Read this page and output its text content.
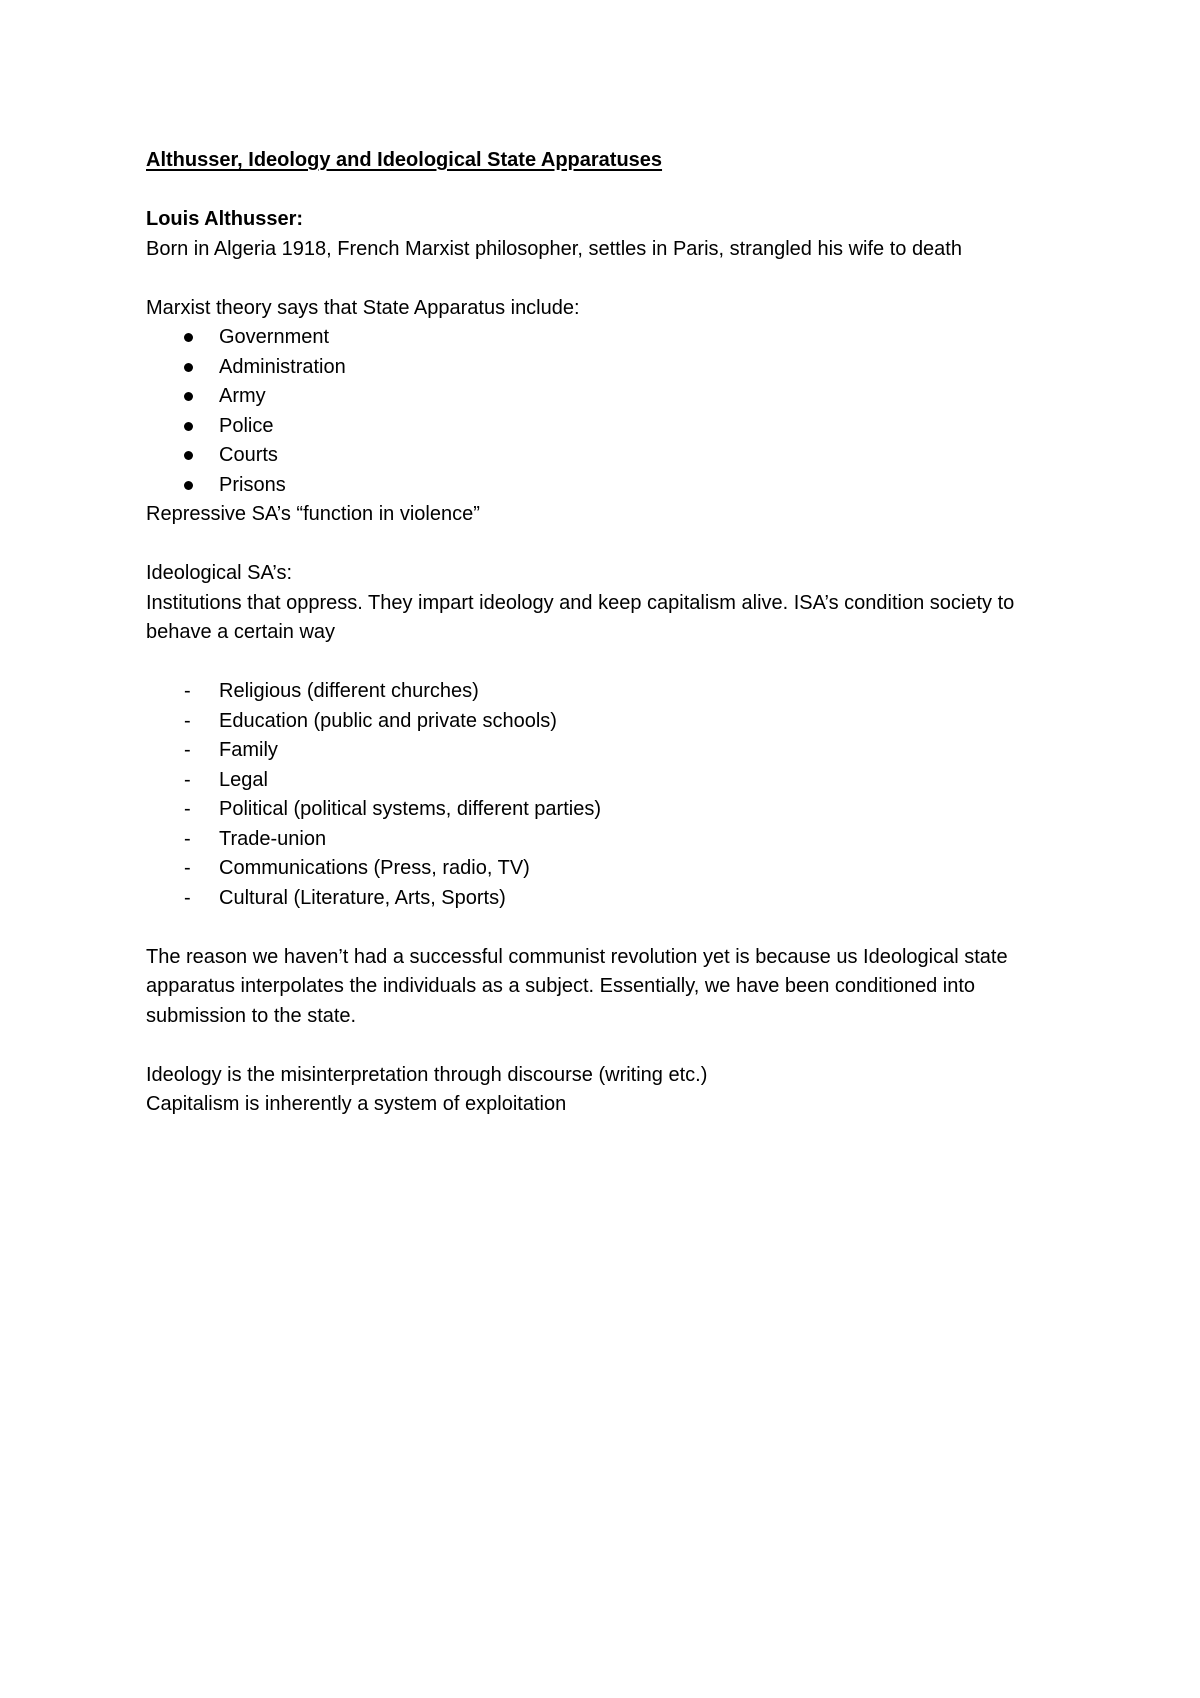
Althusser, Ideology and Ideological State Apparatuses

Louis Althusser:

Born in Algeria 1918, French Marxist philosopher, settles in Paris, strangled his wife to death

Marxist theory says that State Apparatus include:

Government
Administration
Army
Police
Courts
Prisons

Repressive SA’s “function in violence”

Ideological SA’s:

Institutions that oppress. They impart ideology and keep capitalism alive. ISA’s condition society to behave a certain way

- Religious (different churches)
- Education (public and private schools)
- Family
- Legal
- Political (political systems, different parties)
- Trade-union
- Communications (Press, radio, TV)
- Cultural (Literature, Arts, Sports)

The reason we haven’t had a successful communist revolution yet is because us Ideological state apparatus interpolates the individuals as a subject. Essentially, we have been conditioned into submission to the state.

Ideology is the misinterpretation through discourse (writing etc.)

Capitalism is inherently a system of exploitation
